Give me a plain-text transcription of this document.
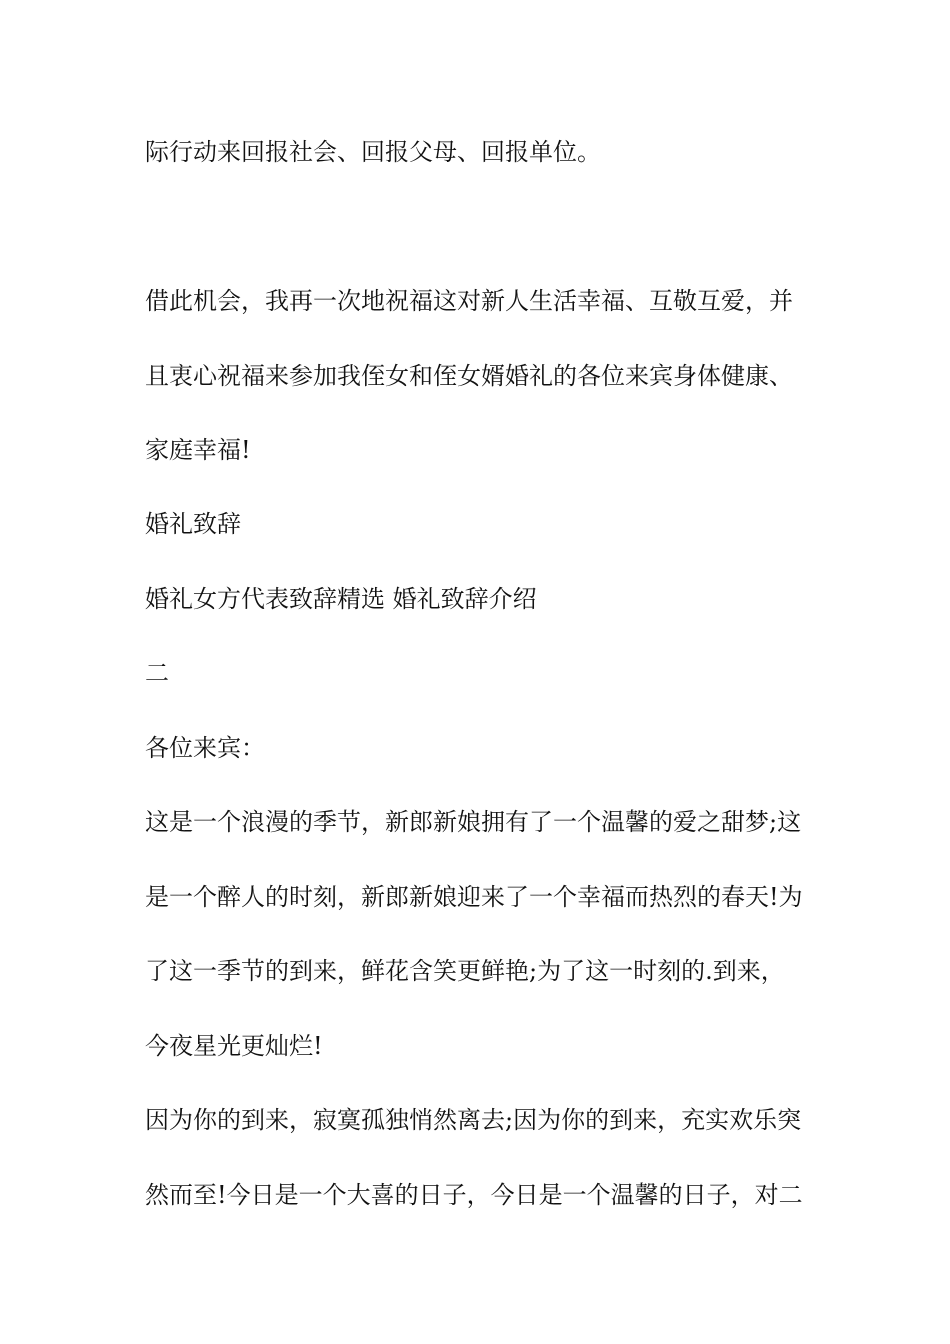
际行动来回报社会、回报父母、回报单位。
借此机会，我再一次地祝福这对新人生活幸福、互敬互爱，并
且衷心祝福来参加我侄女和侄女婿婚礼的各位来宾身体健康、
家庭幸福!
婚礼致辞
婚礼女方代表致辞精选 婚礼致辞介绍
二
各位来宾：
这是一个浪漫的季节，新郎新娘拥有了一个温馨的爱之甜梦;这
是一个醉人的时刻，新郎新娘迎来了一个幸福而热烈的春天!为
了这一季节的到来，鲜花含笑更鲜艳;为了这一时刻的.到来，
今夜星光更灿烂!
因为你的到来，寂寞孤独悄然离去;因为你的到来，充实欢乐突
然而至!今日是一个大喜的日子，今日是一个温馨的日子，对二
